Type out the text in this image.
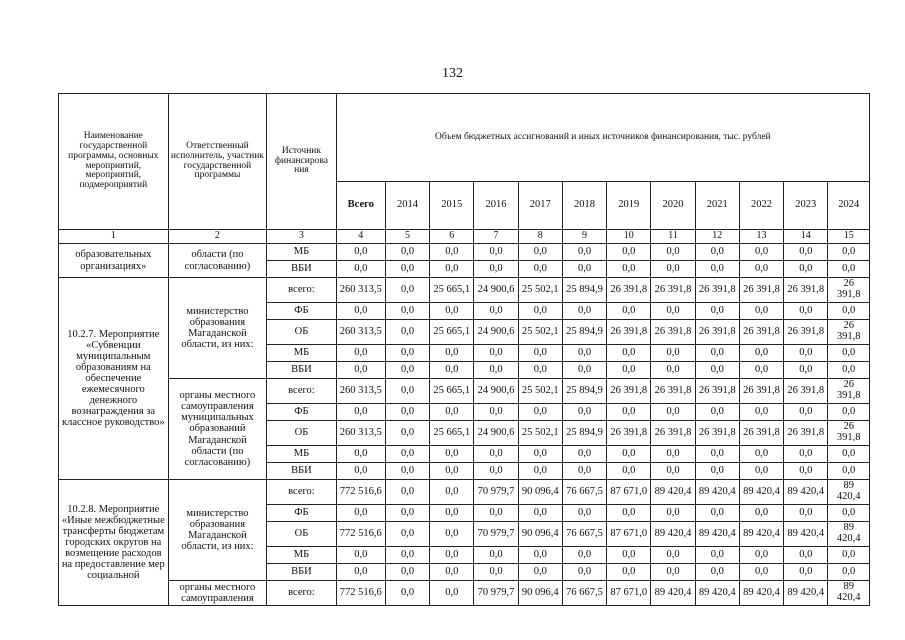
132
Наименование государственной программы, основных мероприятий, мероприятий, подмероприятий	Ответственный исполнитель, участник государственной программы	Источник финансирова ния	Объем бюджетных ассигнований и иных источников финансирования, тыс. рублей											
			Всего	2014	2015	2016	2017	2018	2019	2020	2021	2022	2023	2024
1	2	3	4	5	6	7	8	9	10	11	12	13	14	15
образовательных организациях»	области (по согласованию)	МБ	0,0	0,0	0,0	0,0	0,0	0,0	0,0	0,0	0,0	0,0	0,0	0,0
		ВБИ	0,0	0,0	0,0	0,0	0,0	0,0	0,0	0,0	0,0	0,0	0,0	0,0
10.2.7. Мероприятие «Субвенции муниципальным образованиям на обеспечение ежемесячного денежного вознаграждения за классное руководство»	министерство образования Магаданской области, из них:	всего:	260 313,5	0,0	25 665,1	24 900,6	25 502,1	25 894,9	26 391,8	26 391,8	26 391,8	26 391,8	26 391,8	26 391,8
		ФБ	0,0	0,0	0,0	0,0	0,0	0,0	0,0	0,0	0,0	0,0	0,0	0,0
		ОБ	260 313,5	0,0	25 665,1	24 900,6	25 502,1	25 894,9	26 391,8	26 391,8	26 391,8	26 391,8	26 391,8	26 391,8
		МБ	0,0	0,0	0,0	0,0	0,0	0,0	0,0	0,0	0,0	0,0	0,0	0,0
		ВБИ	0,0	0,0	0,0	0,0	0,0	0,0	0,0	0,0	0,0	0,0	0,0	0,0
	органы местного самоуправления муниципальных образований Магаданской области (по согласованию)	всего:	260 313,5	0,0	25 665,1	24 900,6	25 502,1	25 894,9	26 391,8	26 391,8	26 391,8	26 391,8	26 391,8	26 391,8
		ФБ	0,0	0,0	0,0	0,0	0,0	0,0	0,0	0,0	0,0	0,0	0,0	0,0
		ОБ	260 313,5	0,0	25 665,1	24 900,6	25 502,1	25 894,9	26 391,8	26 391,8	26 391,8	26 391,8	26 391,8	26 391,8
		МБ	0,0	0,0	0,0	0,0	0,0	0,0	0,0	0,0	0,0	0,0	0,0	0,0
		ВБИ	0,0	0,0	0,0	0,0	0,0	0,0	0,0	0,0	0,0	0,0	0,0	0,0
10.2.8. Мероприятие «Иные межбюджетные трансферты бюджетам городских округов на возмещение расходов на предоставление мер социальной	министерство образования Магаданской области, из них:	всего:	772 516,6	0,0	0,0	70 979,7	90 096,4	76 667,5	87 671,0	89 420,4	89 420,4	89 420,4	89 420,4	89 420,4
		ФБ	0,0	0,0	0,0	0,0	0,0	0,0	0,0	0,0	0,0	0,0	0,0	0,0
		ОБ	772 516,6	0,0	0,0	70 979,7	90 096,4	76 667,5	87 671,0	89 420,4	89 420,4	89 420,4	89 420,4	89 420,4
		МБ	0,0	0,0	0,0	0,0	0,0	0,0	0,0	0,0	0,0	0,0	0,0	0,0
		ВБИ	0,0	0,0	0,0	0,0	0,0	0,0	0,0	0,0	0,0	0,0	0,0	0,0
	органы местного самоуправления	всего:	772 516,6	0,0	0,0	70 979,7	90 096,4	76 667,5	87 671,0	89 420,4	89 420,4	89 420,4	89 420,4	89 420,4
